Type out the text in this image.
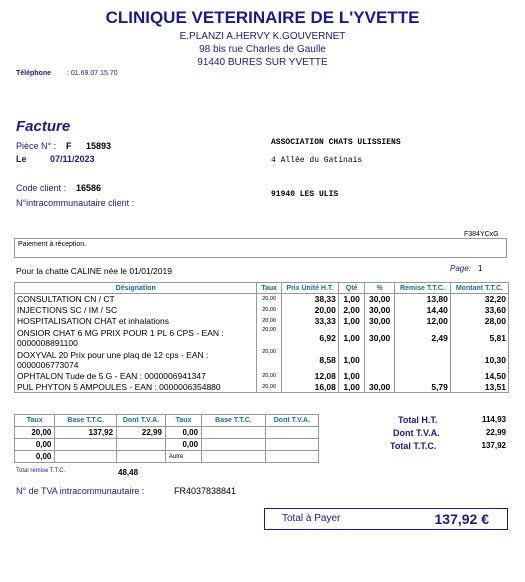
CLINIQUE VETERINAIRE DE L'YVETTE
E.PLANZI A.HERVY K.GOUVERNET
98 bis rue Charles de Gaulle
91440 BURES SUR YVETTE
Téléphone : 01.69.07.15.70
Facture
Pièce N° : F 15893
Le	07/11/2023
Code client : 16586
N°intracommunautaire client :
ASSOCIATION CHATS ULISSIENS
4 Allée du Gatinais
91940 LES ULIS
F384YCxG
Paiement à réception.
Pour la chatte CALINE née le 01/01/2019	Page: 1
Désignation	Taux	Prix Unité H.T.	Qté	%	Remise T.T.C.	Montant T.T.C.
CONSULTATION CN / CT	20,00	38,33	1,00	30,00	13,80	32,20
INJECTIONS SC / IM / SC	20,00	20,00	2,00	30,00	14,40	33,60
HOSPITALISATION CHAT et inhalations	20,00	33,33	1,00	30,00	12,00	28,00
ONSIOR CHAT 6 MG PRIX POUR 1 PL 6 CPS - EAN : 0000008891100	20,00	6,92	1,00	30,00	2,49	5,81
DOXYVAL 20 Prix pour une plaq de 12 cps - EAN : 0000006773074	20,00	8,58	1,00			10,30
OPHTALON Tude de 5 G - EAN : 0000006941347	20,00	12,08	1,00			14,50
PUL PHYTON 5 AMPOULES - EAN : 0000006354880	20,00	16,08	1,00	30,00	5,79	13,51
Taux	Base T.T.C.	Dont T.V.A.	Taux	Base T.T.C.	Dont T.V.A.
20,00	137,92	22,99	0,00		
0,00			0,00		
0,00			Autre		
Total H.T.	114,93
Dont T.V.A.	22,99
Total T.T.C.	137,92
Total remise T.T.C.	48,48
N° de TVA intracommunautaire :	FR4037838841
Total à Payer	137,92 €
